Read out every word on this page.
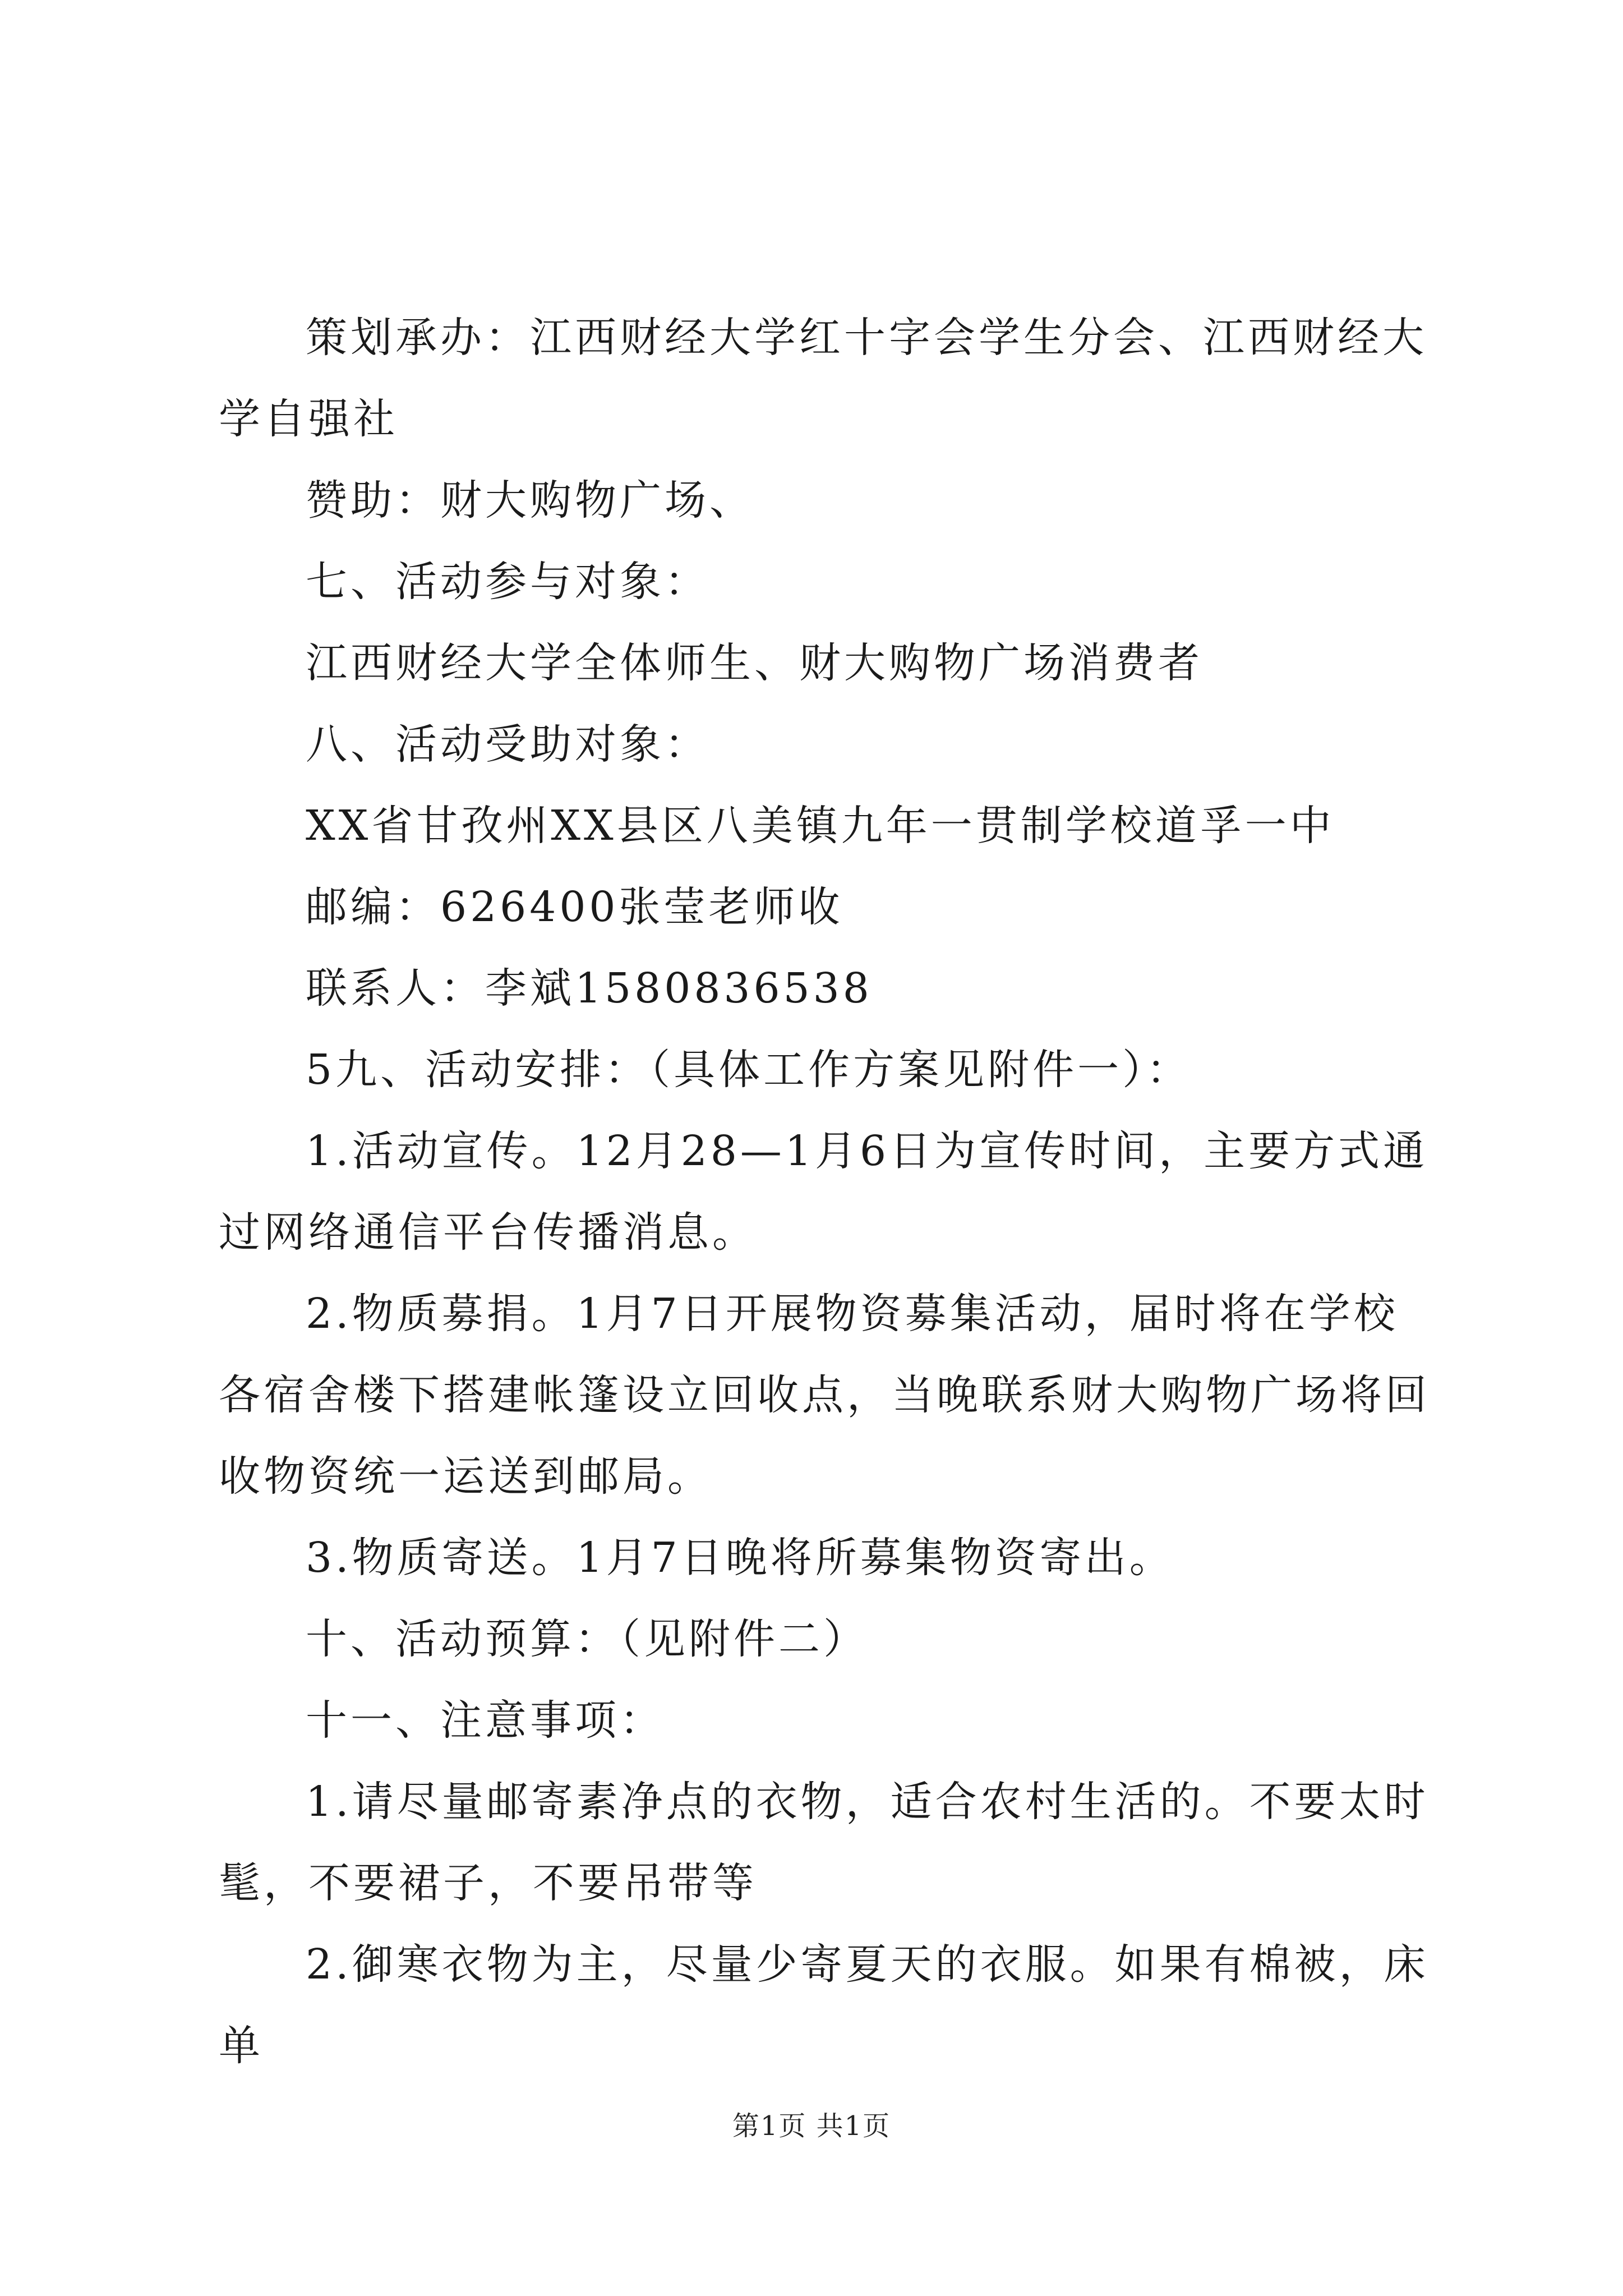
策划承办：江西财经大学红十字会学生分会、江西财经大学自强社

赞助：财大购物广场、

七、活动参与对象：

江西财经大学全体师生、财大购物广场消费者

八、活动受助对象：

XX省甘孜州XX县区八美镇九年一贯制学校道孚一中

邮编：626400张莹老师收

联系人：李斌1580836538

5九、活动安排：（具体工作方案见附件一）：

1.活动宣传。12月28—1月6日为宣传时间，主要方式通过网络通信平台传播消息。

2.物质募捐。1月7日开展物资募集活动，届时将在学校各宿舍楼下搭建帐篷设立回收点，当晚联系财大购物广场将回收物资统一运送到邮局。

3.物质寄送。1月7日晚将所募集物资寄出。

十、活动预算：（见附件二）

十一、注意事项：

1.请尽量邮寄素净点的衣物，适合农村生活的。不要太时髦，不要裙子，不要吊带等

2.御寒衣物为主，尽量少寄夏天的衣服。如果有棉被，床单

第1页 共1页
